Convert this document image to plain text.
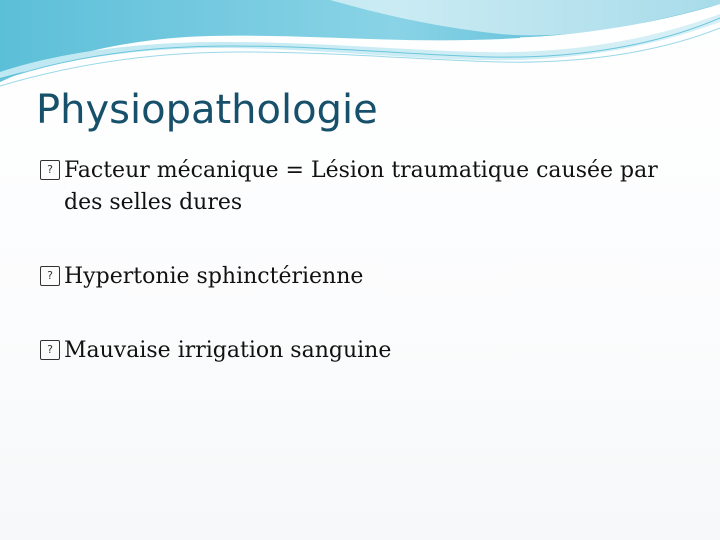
Physiopathologie
?
Facteur mécanique = Lésion traumatique causée par des selles dures
?
Hypertonie sphinctérienne
?
Mauvaise irrigation sanguine
